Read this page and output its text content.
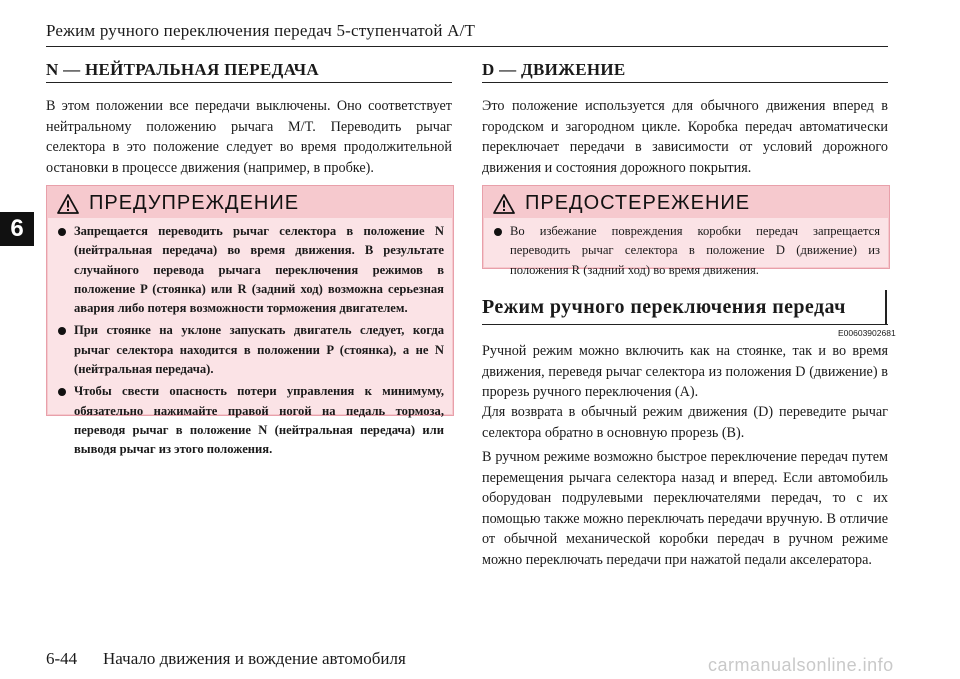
Режим ручного переключения передач 5-ступенчатой A/T
6
N — НЕЙТРАЛЬНАЯ ПЕРЕДАЧА
В этом положении все передачи выключены. Оно соответствует нейтральному положению рычага M/T. Переводить рычаг селектора в это положение следует во время продолжительной остановки в процессе движения (например, в пробке).
ПРЕДУПРЕЖДЕНИЕ
Запрещается переводить рычаг селектора в положение N (нейтральная передача) во время движения. В результате случайного перевода рычага переключения режимов в положение P (стоянка) или R (задний ход) возможна серьезная авария либо потеря возможности торможения двигателем.
При стоянке на уклоне запускать двигатель следует, когда рычаг селектора находится в положении P (стоянка), а не N (нейтральная передача).
Чтобы свести опасность потери управления к минимуму, обязательно нажимайте правой ногой на педаль тормоза, переводя рычаг в положение N (нейтральная передача) или выводя рычаг из этого положения.
D — ДВИЖЕНИЕ
Это положение используется для обычного движения вперед в городском и загородном цикле. Коробка передач автоматически переключает передачи в зависимости от условий дорожного движения и состояния дорожного покрытия.
ПРЕДОСТЕРЕЖЕНИЕ
Во избежание повреждения коробки передач запрещается переводить рычаг селектора в положение D (движение) из положения R (задний ход) во время движения.
Режим ручного переключения передач
E00603902681
Ручной режим можно включить как на стоянке, так и во время движения, переведя рычаг селектора из положения D (движение) в прорезь ручного переключения (A).
Для возврата в обычный режим движения (D) переведите рычаг селектора обратно в основную прорезь (B).
В ручном режиме возможно быстрое переключение передач путем перемещения рычага селектора назад и вперед. Если автомобиль оборудован подрулевыми переключателями передач, то с их помощью также можно переключать передачи вручную. В отличие от обычной механической коробки передач в ручном режиме можно переключать передачи при нажатой педали акселератора.
6-44 Начало движения и вождение автомобиля	carmanualsonline.info
